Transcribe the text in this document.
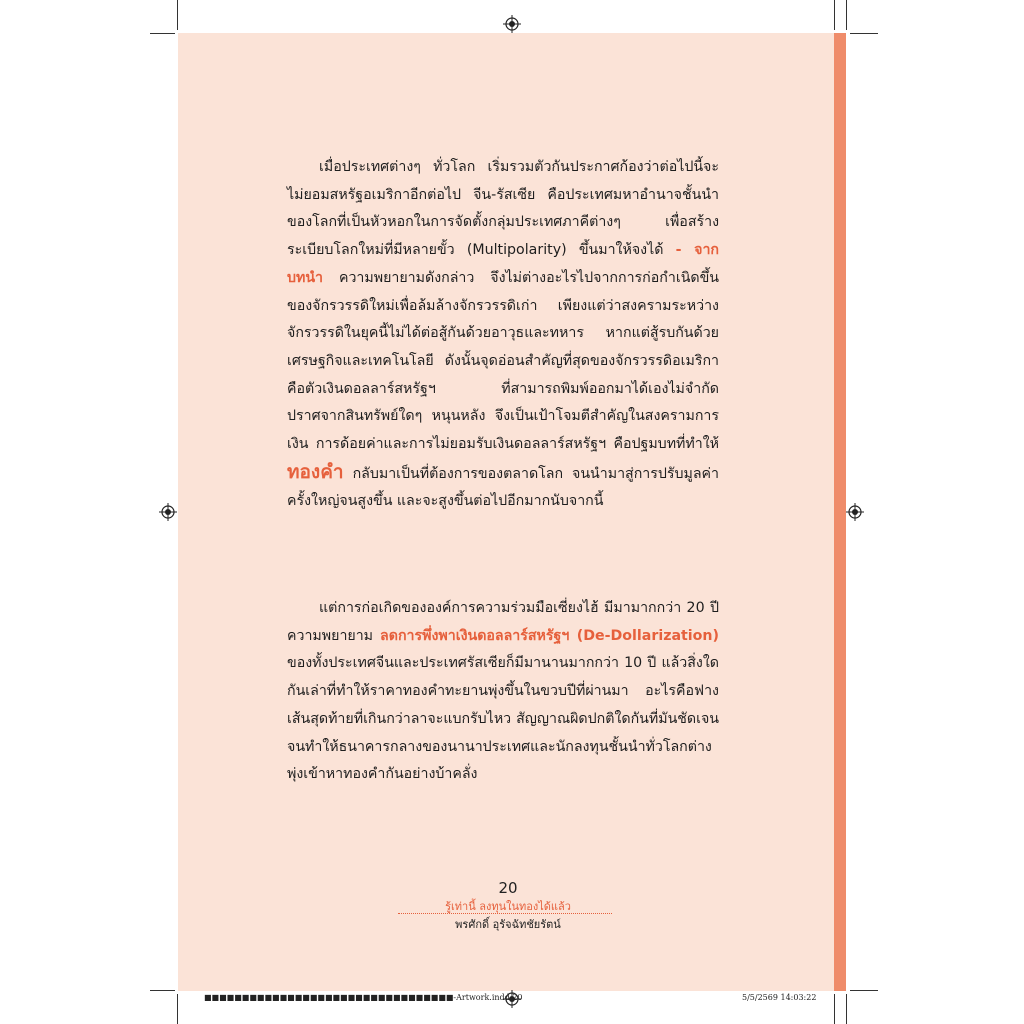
เมื่อประเทศต่างๆ ทั่วโลก เริ่มรวมตัวกันประกาศก้องว่าต่อไปนี้จะไม่ยอมสหรัฐอเมริกาอีกต่อไป จีน-รัสเซีย คือประเทศมหาอำนาจชั้นนำของโลกที่เป็นหัวหอกในการจัดตั้งกลุ่มประเทศภาคีต่างๆ เพื่อสร้างระเบียบโลกใหม่ที่มีหลายขั้ว (Multipolarity) ขึ้นมาให้จงได้ - จากบทนำ ความพยายามดังกล่าว จึงไม่ต่างอะไรไปจากการก่อกำเนิดขึ้นของจักรวรรดิใหม่เพื่อล้มล้างจักรวรรดิเก่า เพียงแต่ว่าสงครามระหว่างจักรวรรดิในยุคนี้ไม่ได้ต่อสู้กันด้วยอาวุธและทหาร หากแต่สู้รบกันด้วยเศรษฐกิจและเทคโนโลยี ดังนั้นจุดอ่อนสำคัญที่สุดของจักรวรรดิอเมริกา คือตัวเงินดอลลาร์สหรัฐฯ ที่สามารถพิมพ์ออกมาได้เองไม่จำกัด ปราศจากสินทรัพย์ใดๆ หนุนหลัง จึงเป็นเป้าโจมตีสำคัญในสงครามการเงิน การด้อยค่าและการไม่ยอมรับเงินดอลลาร์สหรัฐฯ คือปฐมบทที่ทำให้ ทองคำ กลับมาเป็นที่ต้องการของตลาดโลก จนนำมาสู่การปรับมูลค่าครั้งใหญ่จนสูงขึ้น และจะสูงขึ้นต่อไปอีกมากนับจากนี้

แต่การก่อเกิดขององค์การความร่วมมือเซี่ยงไฮ้ มีมามากกว่า 20 ปี ความพยายาม ลดการพึ่งพาเงินดอลลาร์สหรัฐฯ (De-Dollarization) ของทั้งประเทศจีนและประเทศรัสเซียก็มีมานานมากกว่า 10 ปี แล้วสิ่งใดกันเล่าที่ทำให้ราคาทองคำทะยานพุ่งขึ้นในขวบปีที่ผ่านมา อะไรคือฟางเส้นสุดท้ายที่เกินกว่าลาจะแบกรับไหว สัญญาณผิดปกติใดกันที่มันชัดเจนจนทำให้ธนาคารกลางของนานาประเทศและนักลงทุนชั้นนำทั่วโลกต่างพุ่งเข้าหาทองคำกันอย่างบ้าคลั่ง

20
รู้เท่านี้ ลงทุนในทองได้แล้ว
พรศักดิ์ อุรัจฉัทชัยรัตน์
■■■■■■■■■■■■■■■■■■■■■■■■■■■■■■■■■-Artwork.indd 20	5/5/2569 14:03:22
